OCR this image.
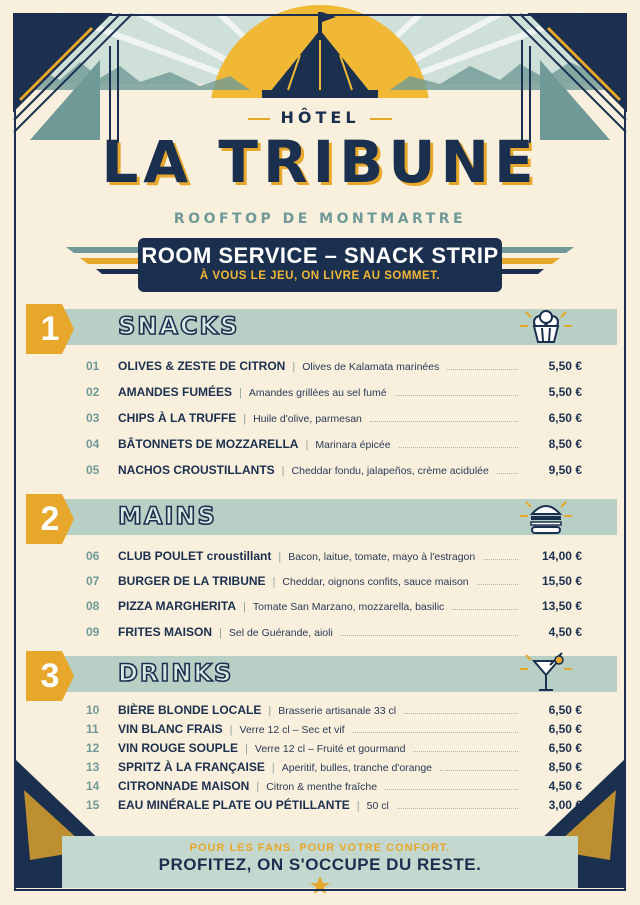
HÔTEL
LA TRIBUNE
ROOFTOP DE MONTMARTRE
ROOM SERVICE – SNACK STRIP
À VOUS LE JEU, ON LIVRE AU SOMMET.
1	SNACKS
01	OLIVES & ZESTE DE CITRON | Olives de Kalamata marinées	5,50 €
02	AMANDES FUMÉES | Amandes grillées au sel fumé	5,50 €
03	CHIPS À LA TRUFFE | Huile d'olive, parmesan	6,50 €
04	BÂTONNETS DE MOZZARELLA | Marinara épicée	8,50 €
05	NACHOS CROUSTILLANTS | Cheddar fondu, jalapeños, crème acidulée	9,50 €
2	MAINS
06	CLUB POULET croustillant | Bacon, laitue, tomate, mayo à l'estragon	14,00 €
07	BURGER DE LA TRIBUNE | Cheddar, oignons confits, sauce maison	15,50 €
08	PIZZA MARGHERITA | Tomate San Marzano, mozzarella, basilic	13,50 €
09	FRITES MAISON | Sel de Guérande, aioli	4,50 €
3	DRINKS
10	BIÈRE BLONDE LOCALE | Brasserie artisanale 33 cl	6,50 €
11	VIN BLANC FRAIS | Verre 12 cl – Sec et vif	6,50 €
12	VIN ROUGE SOUPLE | Verre 12 cl – Fruité et gourmand	6,50 €
13	SPRITZ À LA FRANÇAISE | Aperitif, bulles, tranche d'orange	8,50 €
14	CITRONNADE MAISON | Citron & menthe fraîche	4,50 €
15	EAU MINÉRALE PLATE OU PÉTILLANTE | 50 cl	3,00 €
POUR LES FANS. POUR VOTRE CONFORT.
PROFITEZ, ON S'OCCUPE DU RESTE.
